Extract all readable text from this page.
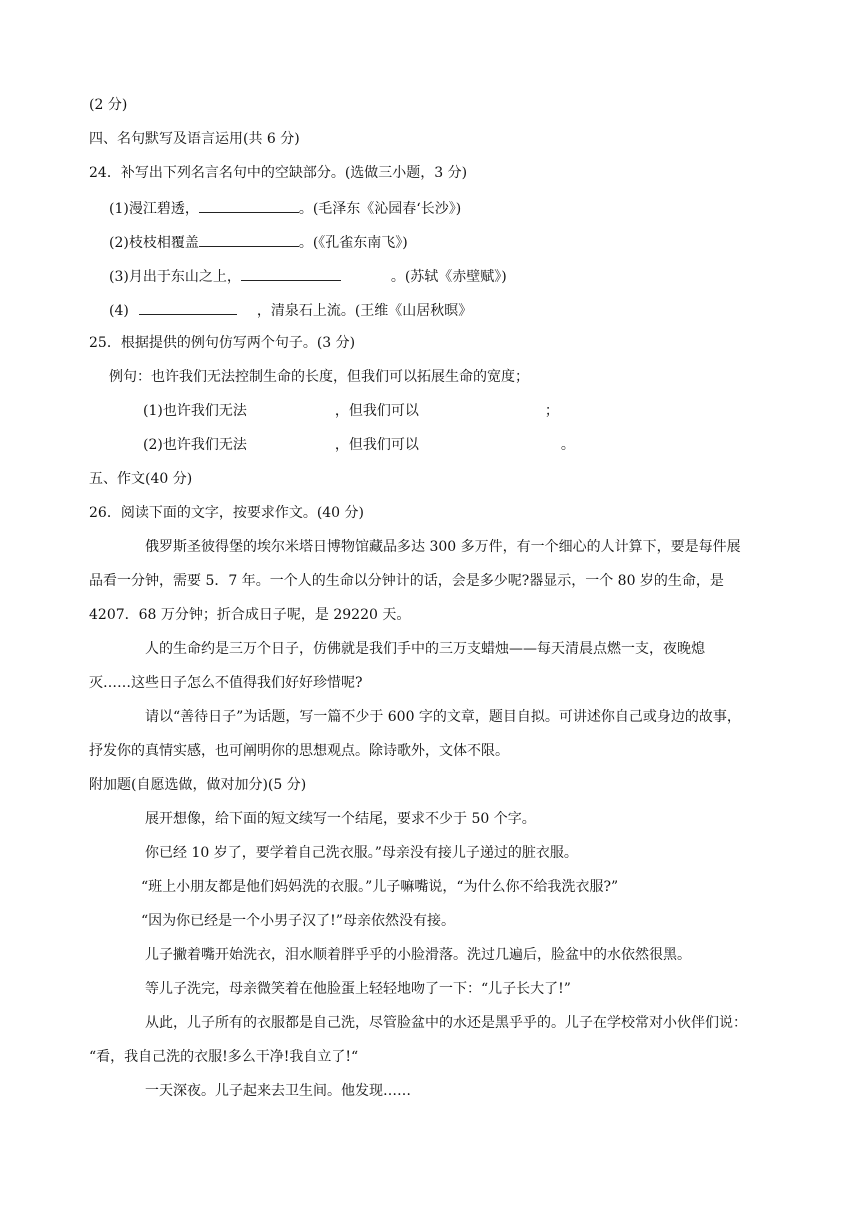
(2 分)
四、名句默写及语言运用(共 6 分)
24．补写出下列名言名句中的空缺部分。(选做三小题，3 分)
(1)漫江碧透，	。(毛泽东《沁园春‘长沙》)
(2)枝枝相覆盖	。(《孔雀东南飞》)
(3)月出于东山之上，	。(苏轼《赤壁赋》)
(4)	，清泉石上流。(王维《山居秋暝》
25．根据提供的例句仿写两个句子。(3 分)
例句：也许我们无法控制生命的长度，但我们可以拓展生命的宽度；
(1)也许我们无法	，但我们可以	；
(2)也许我们无法	，但我们可以	。
五、作文(40 分)
26．阅读下面的文字，按要求作文。(40 分)
俄罗斯圣彼得堡的埃尔米塔日博物馆藏品多达 300 多万件，有一个细心的人计算下，要是每件展
品看一分钟，需要 5．7 年。一个人的生命以分钟计的话，会是多少呢?器显示，一个 80 岁的生命，是
4207．68 万分钟；折合成日子呢，是 29220 天。
人的生命约是三万个日子，仿佛就是我们手中的三万支蜡烛——每天清晨点燃一支，夜晚熄
灭……这些日子怎么不值得我们好好珍惜呢?
请以“善待日子”为话题，写一篇不少于 600 字的文章，题目自拟。可讲述你自己或身边的故事，
抒发你的真情实感，也可阐明你的思想观点。除诗歌外，文体不限。
附加题(自愿选做，做对加分)(5 分)
展开想像，给下面的短文续写一个结尾，要求不少于 50 个字。
你已经 10 岁了，要学着自己洗衣服。”母亲没有接儿子递过的脏衣服。
“班上小朋友都是他们妈妈洗的衣服。”儿子嘛嘴说，“为什么你不给我洗衣服?”
“因为你已经是一个小男子汉了!”母亲依然没有接。
儿子撇着嘴开始洗衣，泪水顺着胖乎乎的小脸滑落。洗过几遍后，脸盆中的水依然很黑。
等儿子洗完，母亲微笑着在他脸蛋上轻轻地吻了一下：“儿子长大了!”
从此，儿子所有的衣服都是自己洗，尽管脸盆中的水还是黑乎乎的。儿子在学校常对小伙伴们说：
“看，我自己洗的衣服!多么干净!我自立了!“
一天深夜。儿子起来去卫生间。他发现……
